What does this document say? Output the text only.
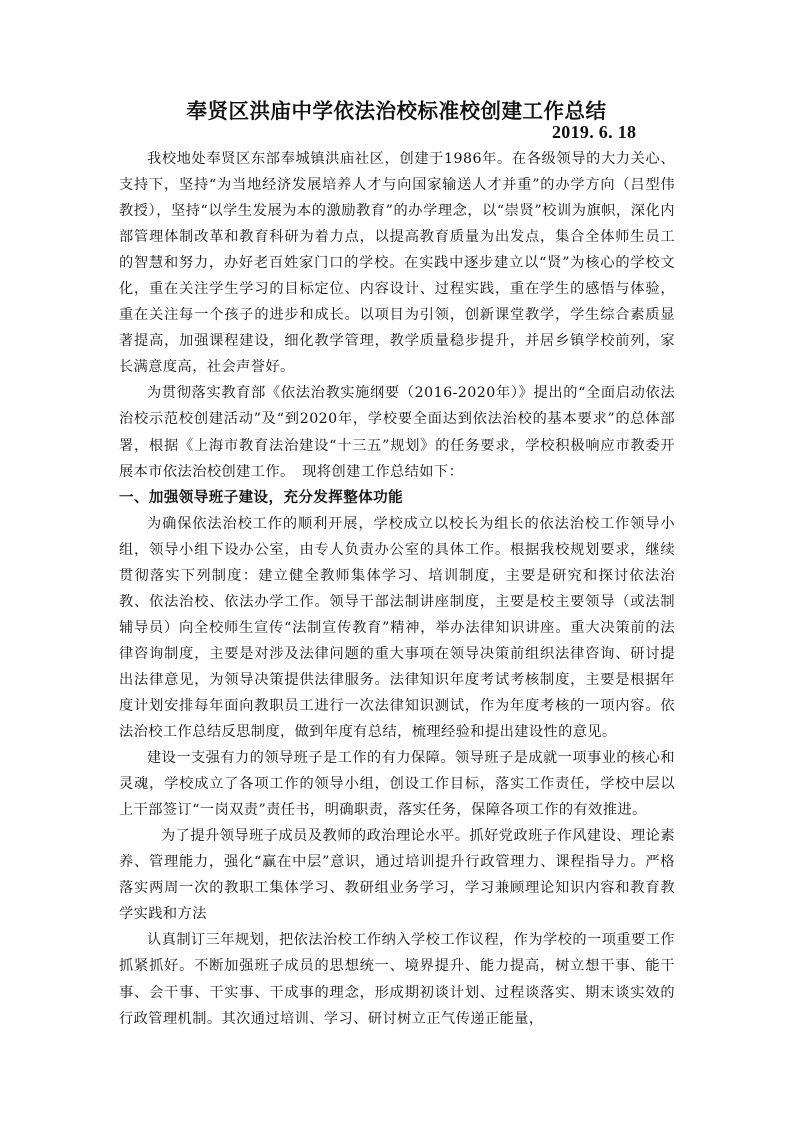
奉贤区洪庙中学依法治校标准校创建工作总结
2019. 6. 18

我校地处奉贤区东部奉城镇洪庙社区，创建于1986年。在各级领导的大力关心、支持下，坚持“为当地经济发展培养人才与向国家输送人才并重”的办学方向（吕型伟教授），坚持“以学生发展为本的激励教育”的办学理念，以“崇贤”校训为旗帜，深化内部管理体制改革和教育科研为着力点，以提高教育质量为出发点，集合全体师生员工的智慧和努力，办好老百姓家门口的学校。在实践中逐步建立以“贤”为核心的学校文化，重在关注学生学习的目标定位、内容设计、过程实践，重在学生的感悟与体验，重在关注每一个孩子的进步和成长。以项目为引领，创新课堂教学，学生综合素质显著提高，加强课程建设，细化教学管理，教学质量稳步提升，并居乡镇学校前列，家长满意度高，社会声誉好。

为贯彻落实教育部《依法治教实施纲要（2016-2020年）》提出的“全面启动依法治校示范校创建活动”及“到2020年，学校要全面达到依法治校的基本要求”的总体部署，根据《上海市教育法治建设“十三五”规划》的任务要求，学校积极响应市教委开展本市依法治校创建工作。　现将创建工作总结如下：

一、加强领导班子建设，充分发挥整体功能

为确保依法治校工作的顺利开展，学校成立以校长为组长的依法治校工作领导小组，领导小组下设办公室，由专人负责办公室的具体工作。根据我校规划要求，继续贯彻落实下列制度：建立健全教师集体学习、培训制度，主要是研究和探讨依法治教、依法治校、依法办学工作。领导干部法制讲座制度，主要是校主要领导（或法制辅导员）向全校师生宣传“法制宣传教育”精神，举办法律知识讲座。重大决策前的法律咨询制度，主要是对涉及法律问题的重大事项在领导决策前组织法律咨询、研讨提出法律意见，为领导决策提供法律服务。法律知识年度考试考核制度，主要是根据年度计划安排每年面向教职员工进行一次法律知识测试，作为年度考核的一项内容。依法治校工作总结反思制度，做到年度有总结，梳理经验和提出建设性的意见。

建设一支强有力的领导班子是工作的有力保障。领导班子是成就一项事业的核心和灵魂，学校成立了各项工作的领导小组，创设工作目标，落实工作责任，学校中层以上干部签订“一岗双责”责任书，明确职责，落实任务，保障各项工作的有效推进。

为了提升领导班子成员及教师的政治理论水平。抓好党政班子作风建设、理论素养、管理能力，强化“赢在中层”意识，通过培训提升行政管理力、课程指导力。严格落实两周一次的教职工集体学习、教研组业务学习，学习兼顾理论知识内容和教育教学实践和方法

认真制订三年规划，把依法治校工作纳入学校工作议程，作为学校的一项重要工作抓紧抓好。不断加强班子成员的思想统一、境界提升、能力提高，树立想干事、能干事、会干事、干实事、干成事的理念，形成期初谈计划、过程谈落实、期末谈实效的行政管理机制。其次通过培训、学习、研讨树立正气传递正能量，
